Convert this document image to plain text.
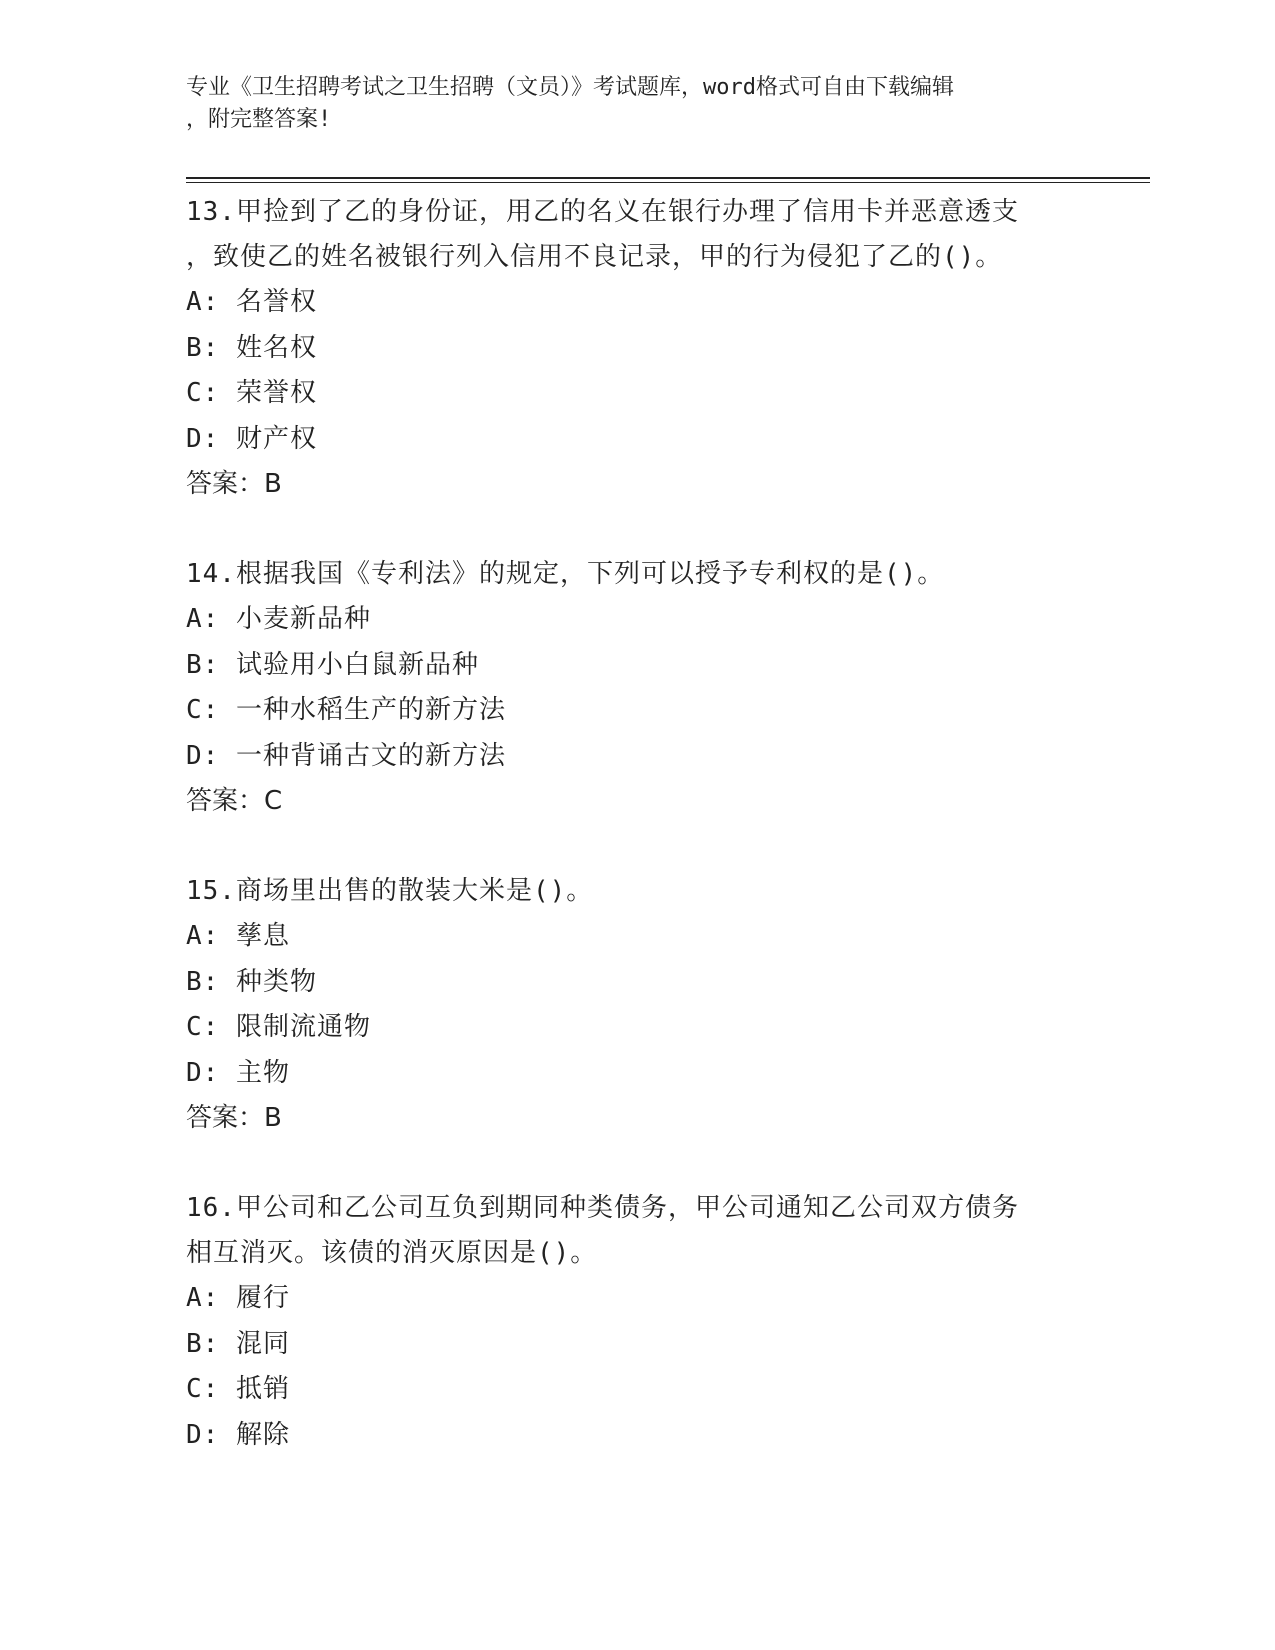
专业《卫生招聘考试之卫生招聘（文员）》考试题库，word格式可自由下载编辑
，附完整答案!
13.甲捡到了乙的身份证，用乙的名义在银行办理了信用卡并恶意透支
，致使乙的姓名被银行列入信用不良记录，甲的行为侵犯了乙的()。
A: 名誉权
B: 姓名权
C: 荣誉权
D: 财产权
答案：B
14.根据我国《专利法》的规定，下列可以授予专利权的是()。
A: 小麦新品种
B: 试验用小白鼠新品种
C: 一种水稻生产的新方法
D: 一种背诵古文的新方法
答案：C
15.商场里出售的散装大米是()。
A: 孳息
B: 种类物
C: 限制流通物
D: 主物
答案：B
16.甲公司和乙公司互负到期同种类债务，甲公司通知乙公司双方债务
相互消灭。该债的消灭原因是()。
A: 履行
B: 混同
C: 抵销
D: 解除
